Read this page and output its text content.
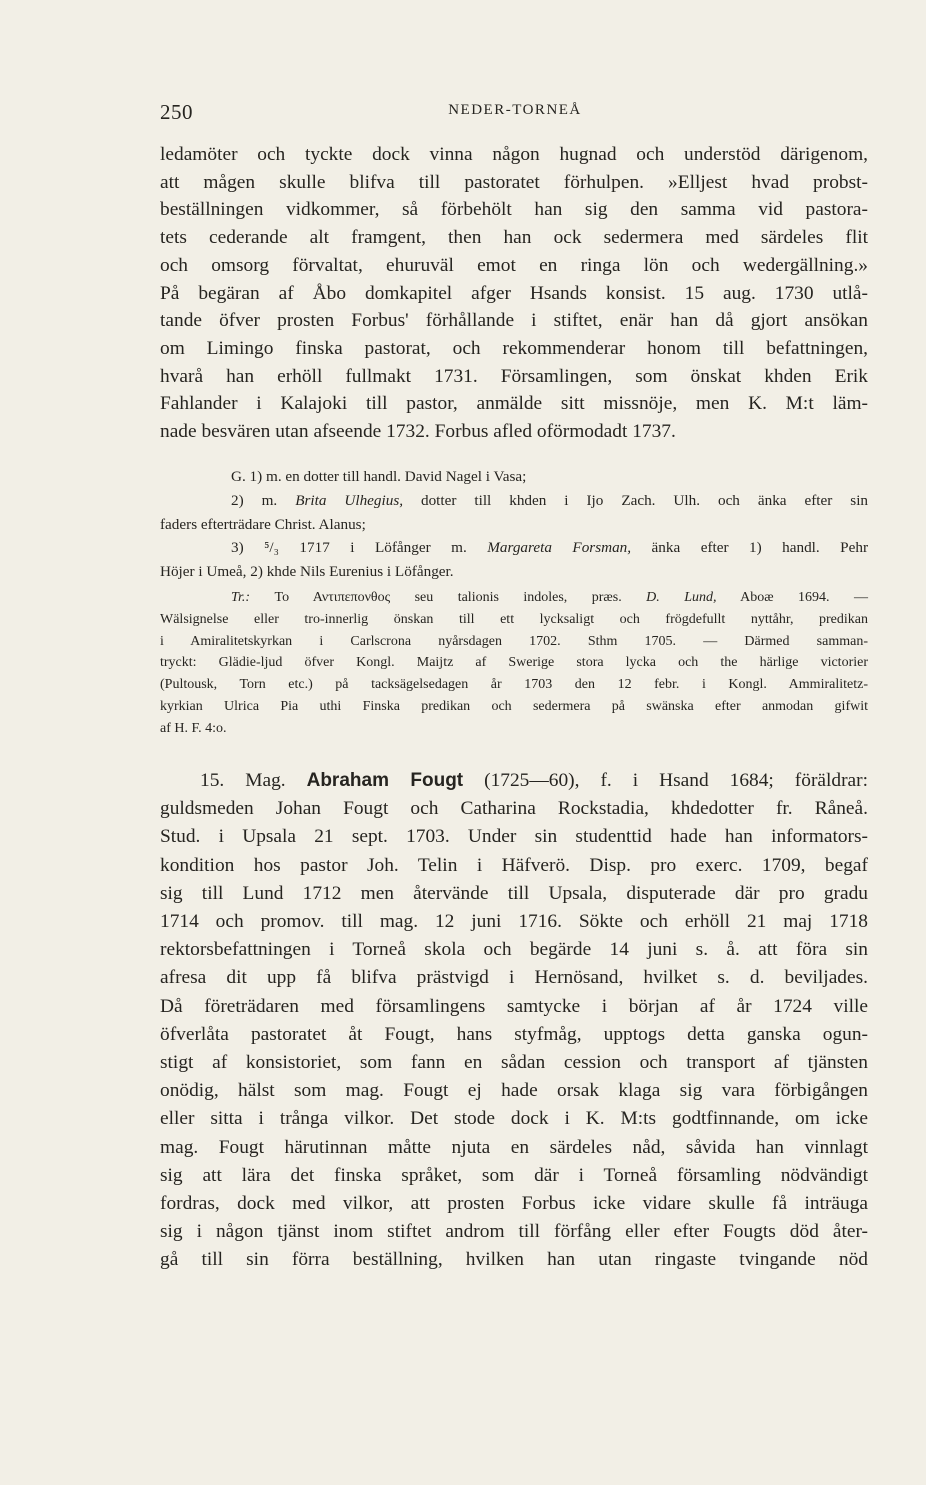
250	NEDER-TORNEÅ
ledamöter och tyckte dock vinna någon hugnad och understöd därigenom,
att mågen skulle blifva till pastoratet förhulpen. »Elljest hvad probst-
beställningen vidkommer, så förbehölt han sig den samma vid pastora-
tets cederande alt framgent, then han ock sedermera med särdeles flit
och omsorg förvaltat, ehuruväl emot en ringa lön och wedergällning.»
På begäran af Åbo domkapitel afger Hsands konsist. 15 aug. 1730 utlå-
tande öfver prosten Forbus' förhållande i stiftet, enär han då gjort ansökan
om Limingo finska pastorat, och rekommenderar honom till befattningen,
hvarå han erhöll fullmakt 1731. Församlingen, som önskat khden Erik
Fahlander i Kalajoki till pastor, anmälde sitt missnöje, men K. M:t läm-
nade besvären utan afseende 1732. Forbus afled oförmodadt 1737.
G. 1) m. en dotter till handl. David Nagel i Vasa;
2) m. Brita Ulhegius, dotter till khden i Ijo Zach. Ulh. och änka efter sin
faders efterträdare Christ. Alanus;
3) ⁵/₃ 1717 i Löfånger m. Margareta Forsman, änka efter 1) handl. Pehr
Höjer i Umeå, 2) khde Nils Eurenius i Löfånger.
Tr.: Το Αντιπεπονθος seu talionis indoles, præs. D. Lund, Aboæ 1694. —
Wälsignelse eller tro-innerlig önskan till ett lycksaligt och frögdefullt nyttåhr, predikan
i Amiralitetskyrkan i Carlscrona nyårsdagen 1702. Sthm 1705. — Därmed samman-
tryckt: Glädie-ljud öfver Kongl. Maijtz af Swerige stora lycka och the härlige victorier
(Pultousk, Torn etc.) på tacksägelsedagen år 1703 den 12 febr. i Kongl. Ammiralitetz-
kyrkian Ulrica Pia uthi Finska predikan och sedermera på swänska efter anmodan gifwit
af H. F. 4:o.
15. Mag. Abraham Fougt (1725—60), f. i Hsand 1684; föräldrar:
guldsmeden Johan Fougt och Catharina Rockstadia, khdedotter fr. Råneå.
Stud. i Upsala 21 sept. 1703. Under sin studenttid hade han informators-
kondition hos pastor Joh. Telin i Häfverö. Disp. pro exerc. 1709, begaf
sig till Lund 1712 men återvände till Upsala, disputerade där pro gradu
1714 och promov. till mag. 12 juni 1716. Sökte och erhöll 21 maj 1718
rektorsbefattningen i Torneå skola och begärde 14 juni s. å. att föra sin
afresa dit upp få blifva prästvigd i Hernösand, hvilket s. d. beviljades.
Då företrädaren med församlingens samtycke i början af år 1724 ville
öfverlåta pastoratet åt Fougt, hans styfmåg, upptogs detta ganska ogun-
stigt af konsistoriet, som fann en sådan cession och transport af tjänsten
onödig, hälst som mag. Fougt ej hade orsak klaga sig vara förbigången
eller sitta i trånga vilkor. Det stode dock i K. M:ts godtfinnande, om icke
mag. Fougt härutinnan måtte njuta en särdeles nåd, såvida han vinnlagt
sig att lära det finska språket, som där i Torneå församling nödvändigt
fordras, dock med vilkor, att prosten Forbus icke vidare skulle få inträuga
sig i någon tjänst inom stiftet androm till förfång eller efter Fougts död åter-
gå till sin förra beställning, hvilken han utan ringaste tvingande nöd
